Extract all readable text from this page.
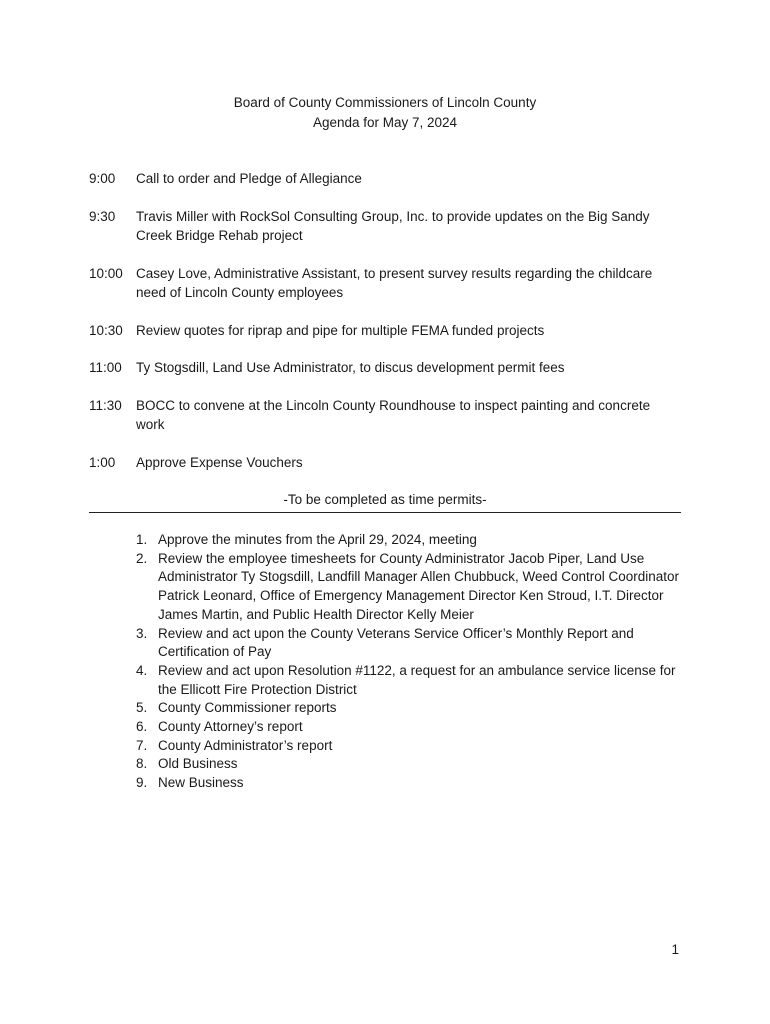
Board of County Commissioners of Lincoln County
Agenda for May 7, 2024
9:00	Call to order and Pledge of Allegiance
9:30	Travis Miller with RockSol Consulting Group, Inc. to provide updates on the Big Sandy Creek Bridge Rehab project
10:00 Casey Love, Administrative Assistant, to present survey results regarding the childcare need of Lincoln County employees
10:30 Review quotes for riprap and pipe for multiple FEMA funded projects
11:00	Ty Stogsdill, Land Use Administrator, to discus development permit fees
11:30	BOCC to convene at the Lincoln County Roundhouse to inspect painting and concrete work
1:00	Approve Expense Vouchers
-To be completed as time permits-
1. Approve the minutes from the April 29, 2024, meeting
2. Review the employee timesheets for County Administrator Jacob Piper, Land Use Administrator Ty Stogsdill, Landfill Manager Allen Chubbuck, Weed Control Coordinator Patrick Leonard, Office of Emergency Management Director Ken Stroud, I.T. Director James Martin, and Public Health Director Kelly Meier
3. Review and act upon the County Veterans Service Officer’s Monthly Report and Certification of Pay
4. Review and act upon Resolution #1122, a request for an ambulance service license for the Ellicott Fire Protection District
5. County Commissioner reports
6. County Attorney’s report
7. County Administrator’s report
8. Old Business
9. New Business
1
